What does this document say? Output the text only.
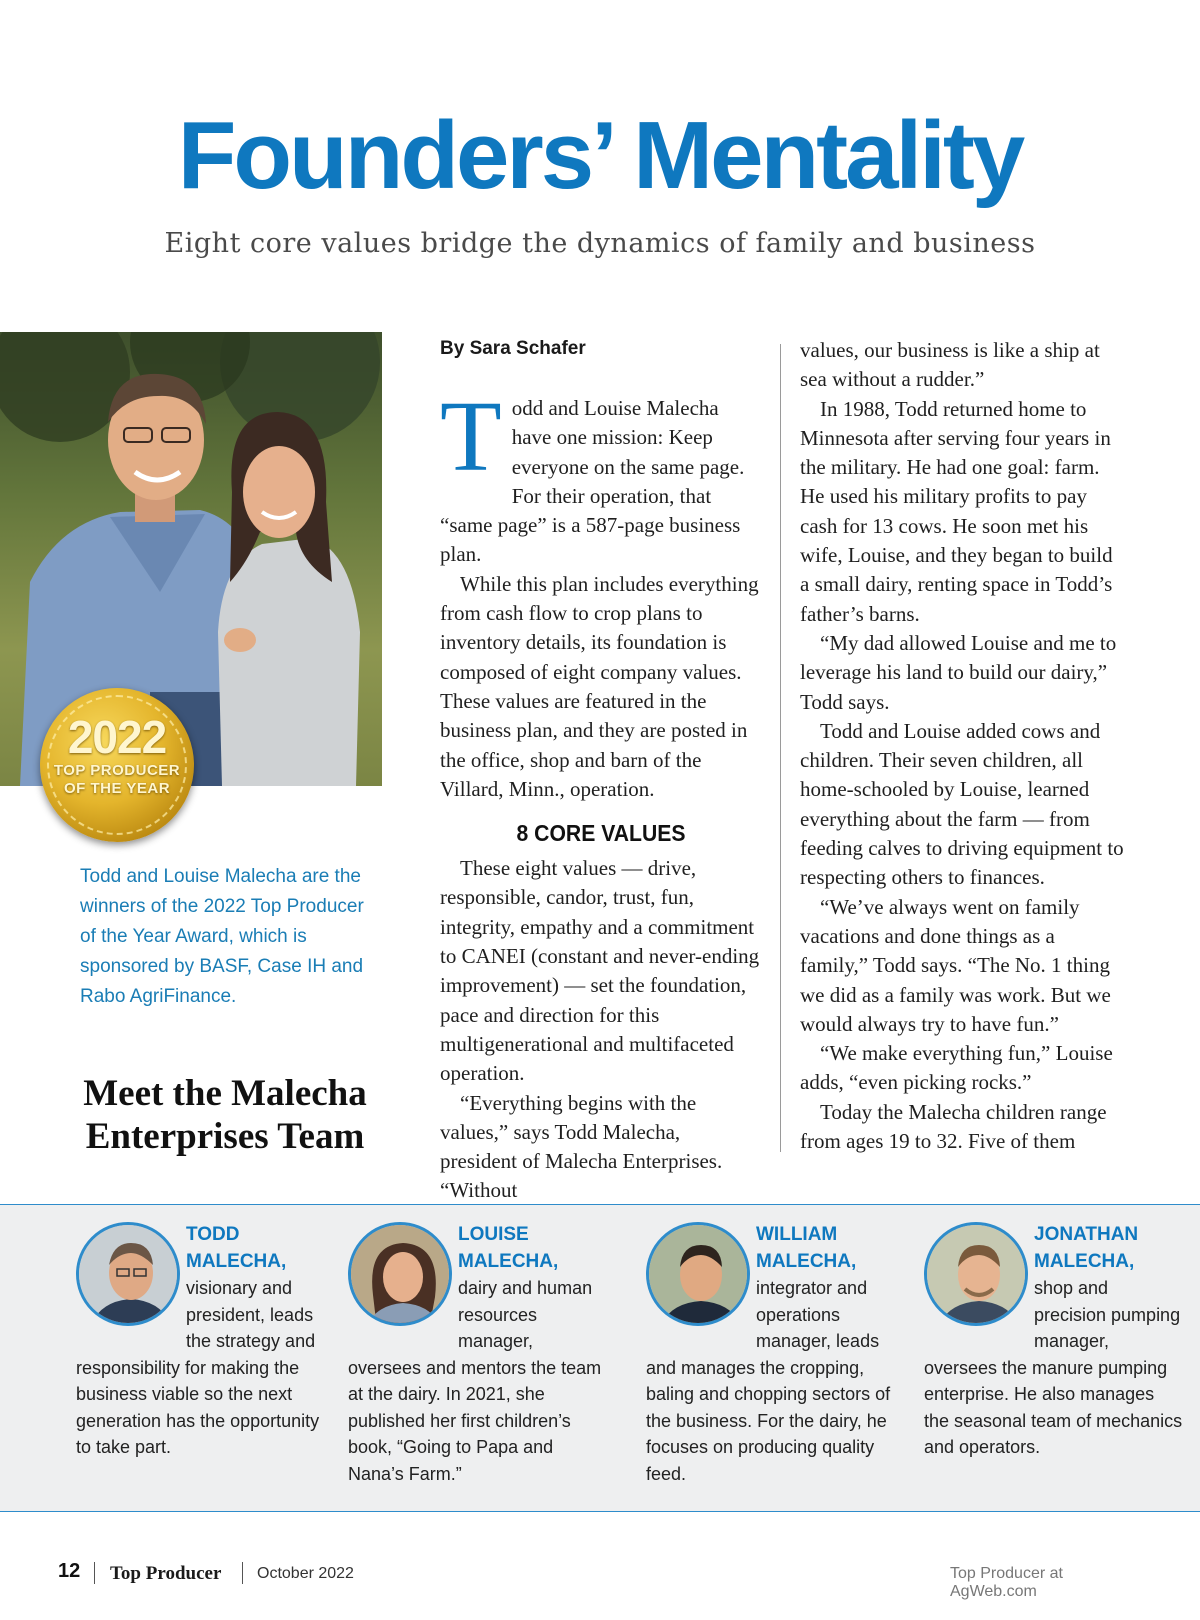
Founders’ Mentality
Eight core values bridge the dynamics of family and business
2022
TOP PRODUCER
OF THE YEAR
Todd and Louise Malecha are the winners of the 2022 Top Producer of the Year Award, which is sponsored by BASF, Case IH and Rabo AgriFinance.
Meet the Malecha Enterprises Team
By Sara Schafer

Todd and Louise Malecha have one mission: Keep everyone on the same page. For their operation, that “same page” is a 587-page business plan.

While this plan includes everything from cash flow to crop plans to inventory details, its foundation is composed of eight company values. These values are featured in the business plan, and they are posted in the office, shop and barn of the Villard, Minn., operation.

8 CORE VALUES

These eight values — drive, responsible, candor, trust, fun, integrity, empathy and a commitment to CANEI (constant and never-ending improvement) — set the foundation, pace and direction for this multigenerational and multifaceted operation.

“Everything begins with the values,” says Todd Malecha, president of Malecha Enterprises. “Without

values, our business is like a ship at sea without a rudder.”

In 1988, Todd returned home to Minnesota after serving four years in the military. He had one goal: farm. He used his military profits to pay cash for 13 cows. He soon met his wife, Louise, and they began to build a small dairy, renting space in Todd’s father’s barns.

“My dad allowed Louise and me to leverage his land to build our dairy,” Todd says.

Todd and Louise added cows and children. Their seven children, all home-schooled by Louise, learned everything about the farm — from feeding calves to driving equipment to respecting others to finances.

“We’ve always went on family vacations and done things as a family,” Todd says. “The No. 1 thing we did as a family was work. But we would always try to have fun.”

“We make everything fun,” Louise adds, “even picking rocks.”

Today the Malecha children range from ages 19 to 32. Five of them

TODD MALECHA,
visionary and president, leads the strategy and responsibility for making the business viable so the next generation has the opportunity to take part.
LOUISE MALECHA,
dairy and human resources manager, oversees and mentors the team at the dairy. In 2021, she published her first children’s book, “Going to Papa and Nana’s Farm.”
WILLIAM MALECHA,
integrator and operations manager, leads and manages the cropping, baling and chopping sectors of the business. For the dairy, he focuses on producing quality feed.
JONATHAN MALECHA,
shop and precision pumping manager, oversees the manure pumping enterprise. He also manages the seasonal team of mechanics and operators.
12 Top Producer October 2022	Top Producer at AgWeb.com
